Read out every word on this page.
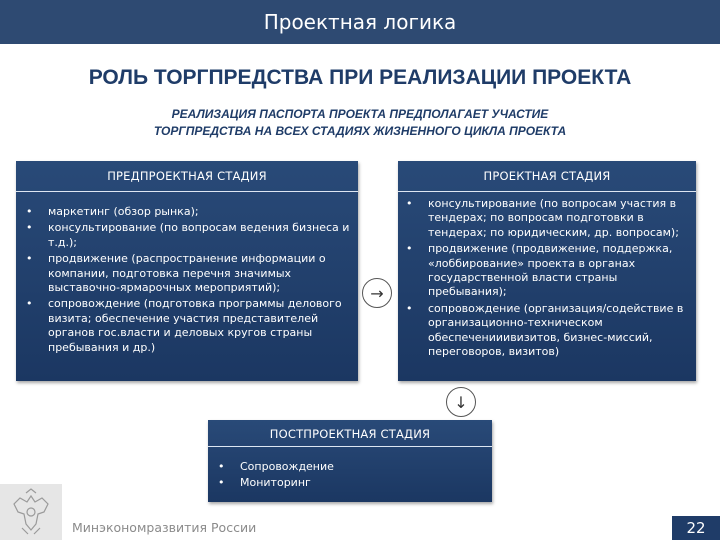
Проектная логика
РОЛЬ ТОРГПРЕДСТВА ПРИ РЕАЛИЗАЦИИ ПРОЕКТА
РЕАЛИЗАЦИЯ ПАСПОРТА ПРОЕКТА ПРЕДПОЛАГАЕТ УЧАСТИЕ
ТОРГПРЕДСТВА НА ВСЕХ СТАДИЯХ ЖИЗНЕННОГО ЦИКЛА ПРОЕКТА
ПРЕДПРОЕКТНАЯ СТАДИЯ
• маркетинг (обзор рынка);
• консультирование (по вопросам ведения бизнеса и т.д.);
• продвижение (распространение информации о компании, подготовка перечня значимых выставочно-ярмарочных мероприятий);
• сопровождение (подготовка программы делового визита; обеспечение участия представителей органов гос.власти и деловых кругов страны пребывания и др.)
→
ПРОЕКТНАЯ СТАДИЯ
• консультирование (по вопросам участия в тендерах; по вопросам подготовки в тендерах; по юридическим, др. вопросам);
• продвижение (продвижение, поддержка, «лоббирование» проекта в органах государственной власти страны пребывания);
• сопровождение (организация/содействие в организационно-техническом обеспеченииивизитов, бизнес-миссий, переговоров, визитов)
↓
ПОСТПРОЕКТНАЯ СТАДИЯ
• Сопровождение
• Мониторинг
Минэкономразвития России	22
